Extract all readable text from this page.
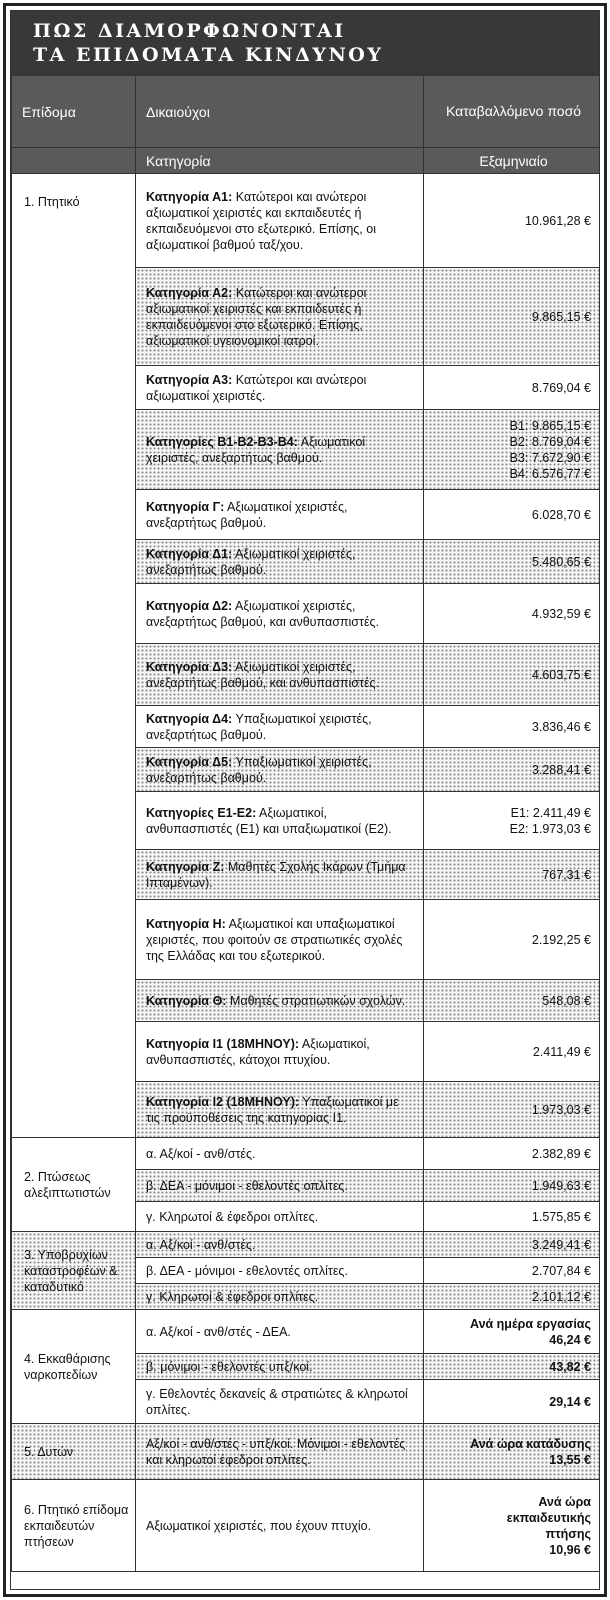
ΠΩΣ ΔΙΑΜΟΡΦΩΝΟΝΤΑΙ
ΤΑ ΕΠΙΔΟΜΑΤΑ ΚΙΝΔΥΝΟΥ
Επίδομα	Δικαιούχοι	Καταβαλλόμενο ποσό
	Κατηγορία	Εξαμηνιαίο

1. Πτητικό	Κατηγορία Α1: Κατώτεροι και ανώτεροι αξιωματικοί χειριστές και εκπαιδευτές ή εκπαιδευόμενοι στο εξωτερικό. Επίσης, οι αξιωματικοί βαθμού ταξ/χου.	10.961,28 €

	Κατηγορία Α2: Κατώτεροι και ανώτεροι αξιωματικοί χειριστές και εκπαιδευτές ή εκπαιδευόμενοι στο εξωτερικό. Επίσης, αξιωματικοί υγειονομικοί ιατροί.	9.865,15 €

	Κατηγορία Α3: Κατώτεροι και ανώτεροι αξιωματικοί χειριστές.	8.769,04 €

	Κατηγορίες Β1-Β2-Β3-Β4: Αξιωματικοί χειριστές, ανεξαρτήτως βαθμού.	Β1: 9.865,15 €
Β2: 8.769,04 €
Β3: 7.672,90 €
Β4: 6.576,77 €

	Κατηγορία Γ: Αξιωματικοί χειριστές, ανεξαρτήτως βαθμού.	6.028,70 €

	Κατηγορία Δ1: Αξιωματικοί χειριστές, ανεξαρτήτως βαθμού.	5.480,65 €

	Κατηγορία Δ2: Αξιωματικοί χειριστές, ανεξαρτήτως βαθμού, και ανθυπασπιστές.	4.932,59 €

	Κατηγορία Δ3: Αξιωματικοί χειριστές, ανεξαρτήτως βαθμού, και ανθυπασπιστές.	4.603,75 €

	Κατηγορία Δ4: Υπαξιωματικοί χειριστές, ανεξαρτήτως βαθμού.	3.836,46 €

	Κατηγορία Δ5: Υπαξιωματικοί χειριστές, ανεξαρτήτως βαθμού.	3.288,41 €

	Κατηγορίες Ε1-Ε2: Αξιωματικοί, ανθυπασπιστές (Ε1) και υπαξιωματικοί (Ε2).	Ε1: 2.411,49 €
Ε2: 1.973,03 €

	Κατηγορία Ζ: Μαθητές Σχολής Ικάρων (Τμήμα Ιπταμένων).	767,31 €

	Κατηγορία Η: Αξιωματικοί και υπαξιωματικοί χειριστές, που φοιτούν σε στρατιωτικές σχολές της Ελλάδας και του εξωτερικού.	2.192,25 €

	Κατηγορία Θ: Μαθητές στρατιωτικών σχολών.	548,08 €

	Κατηγορία Ι1 (18ΜΗΝΟΥ): Αξιωματικοί, ανθυπασπιστές, κάτοχοι πτυχίου.	2.411,49 €

	Κατηγορία Ι2 (18ΜΗΝΟΥ): Υπαξιωματικοί με τις προϋποθέσεις της κατηγορίας Ι1.	1.973,03 €

2. Πτώσεως αλεξιπτωτιστών	α. Αξ/κοί - ανθ/στές.	2.382,89 €

	β. ΔΕΑ - μόνιμοι - εθελοντές οπλίτες.	1.949,63 €

	γ. Κληρωτοί & έφεδροι οπλίτες.	1.575,85 €

3. Υποβρυχίων καταστροφέων & καταδυτικό	α. Αξ/κοί - ανθ/στές.	3.249,41 €

	β. ΔΕΑ - μόνιμοι - εθελοντές οπλίτες.	2.707,84 €

	γ. Κληρωτοί & έφεδροι οπλίτες.	2.101,12 €

4. Εκκαθάρισης ναρκοπεδίων	α. Αξ/κοί - ανθ/στές - ΔΕΑ.	Ανά ημέρα εργασίας
46,24 €

	β. μόνιμοι - εθελοντές υπξ/κοί.	43,82 €

	γ. Εθελοντές δεκανείς & στρατιώτες & κληρωτοί οπλίτες.	29,14 €

5. Δυτών	Αξ/κοί - ανθ/στές - υπξ/κοί. Μόνιμοι - εθελοντές και κληρωτοί έφεδροι οπλίτες.	Ανά ώρα κατάδυσης
13,55 €

6. Πτητικό επίδομα εκπαιδευτών πτήσεων	Αξιωματικοί χειριστές, που έχουν πτυχίο.	Ανά ώρα
εκπαιδευτικής
πτήσης
10,96 €
